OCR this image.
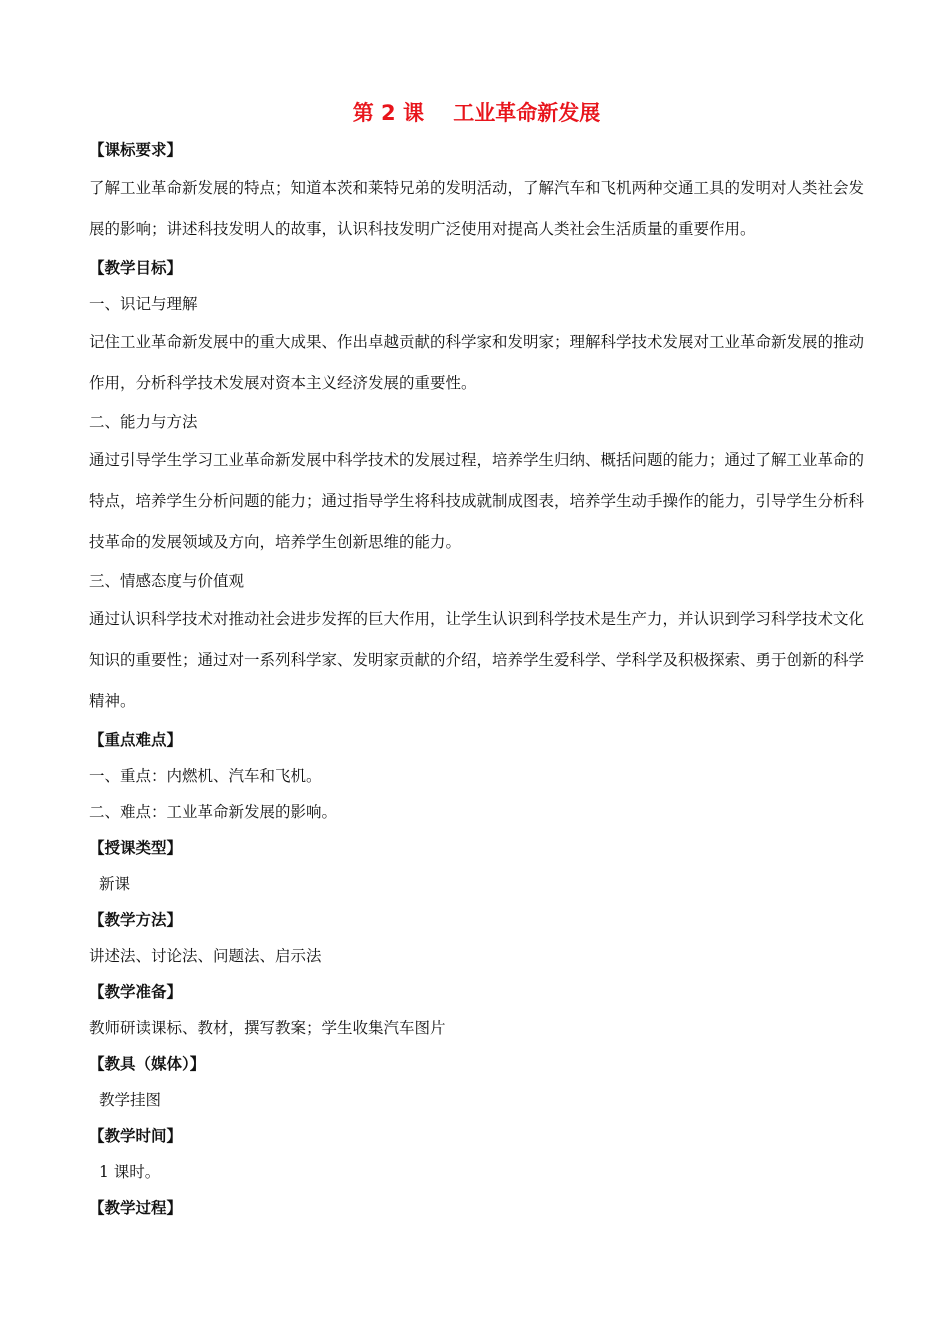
第 2 课    工业革命新发展
【课标要求】

了解工业革命新发展的特点；知道本茨和莱特兄弟的发明活动，了解汽车和飞机两种交通工具的发明对人类社会发展的影响；讲述科技发明人的故事，认识科技发明广泛使用对提高人类社会生活质量的重要作用。

【教学目标】
一、识记与理解

记住工业革命新发展中的重大成果、作出卓越贡献的科学家和发明家；理解科学技术发展对工业革命新发展的推动作用，分析科学技术发展对资本主义经济发展的重要性。

二、能力与方法

通过引导学生学习工业革命新发展中科学技术的发展过程，培养学生归纳、概括问题的能力；通过了解工业革命的特点，培养学生分析问题的能力；通过指导学生将科技成就制成图表，培养学生动手操作的能力，引导学生分析科技革命的发展领域及方向，培养学生创新思维的能力。

三、情感态度与价值观

通过认识科学技术对推动社会进步发挥的巨大作用，让学生认识到科学技术是生产力，并认识到学习科学技术文化知识的重要性；通过对一系列科学家、发明家贡献的介绍，培养学生爱科学、学科学及积极探索、勇于创新的科学精神。

【重点难点】
一、重点：内燃机、汽车和飞机。
二、难点：工业革命新发展的影响。
【授课类型】
新课
【教学方法】
讲述法、讨论法、问题法、启示法
【教学准备】
教师研读课标、教材，撰写教案；学生收集汽车图片
【教具（媒体）】
教学挂图
【教学时间】
1 课时。
【教学过程】
